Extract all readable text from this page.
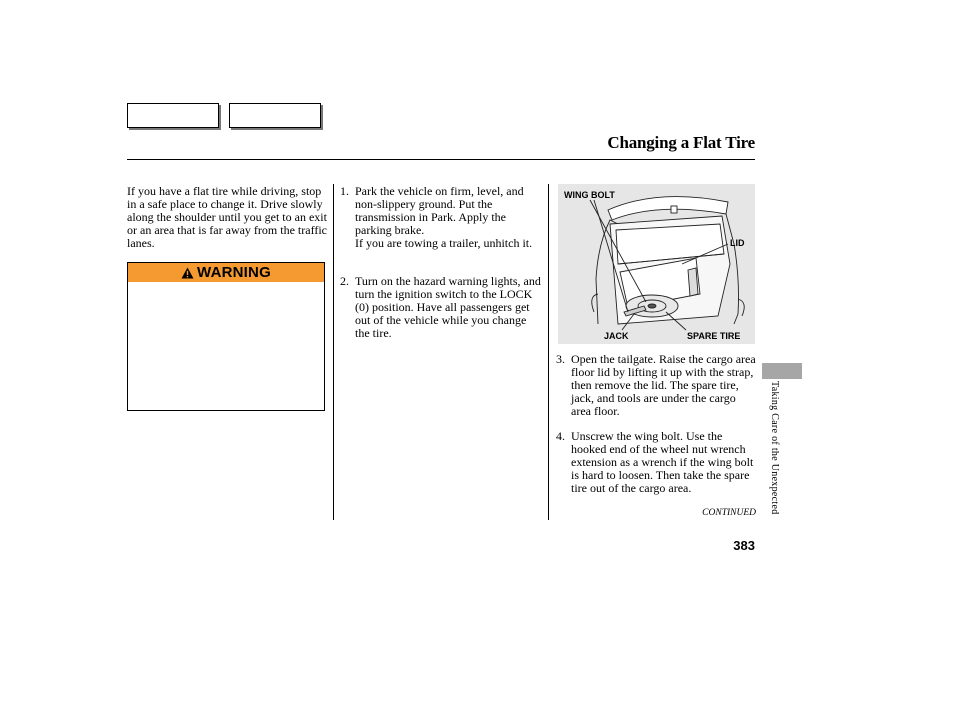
Changing a Flat Tire
If you have a flat tire while driving, stop in a safe place to change it. Drive slowly along the shoulder until you get to an exit or an area that is far away from the traffic lanes.
WARNING
1. Park the vehicle on firm, level, and non-slippery ground. Put the transmission in Park. Apply the parking brake.
If you are towing a trailer, unhitch it.
2. Turn on the hazard warning lights, and turn the ignition switch to the LOCK (0) position. Have all passengers get out of the vehicle while you change the tire.
WING BOLT
LID
JACK	SPARE TIRE
3. Open the tailgate. Raise the cargo area floor lid by lifting it up with the strap, then remove the lid. The spare tire, jack, and tools are under the cargo area floor.
4. Unscrew the wing bolt. Use the hooked end of the wheel nut wrench extension as a wrench if the wing bolt is hard to loosen. Then take the spare tire out of the cargo area.
CONTINUED
383
Taking Care of the Unexpected
